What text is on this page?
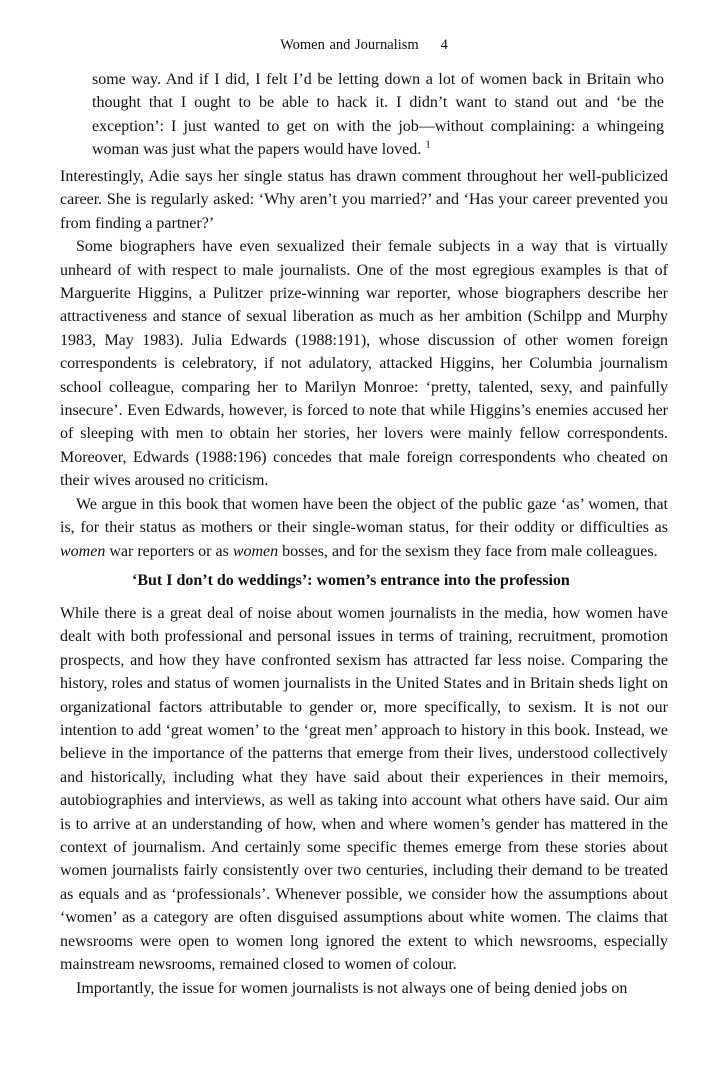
Women and Journalism 4
some way. And if I did, I felt I’d be letting down a lot of women back in Britain who thought that I ought to be able to hack it. I didn’t want to stand out and ‘be the exception’: I just wanted to get on with the job—without complaining: a whingeing woman was just what the papers would have loved. $^1$

Interestingly, Adie says her single status has drawn comment throughout her well-publicized career. She is regularly asked: ‘Why aren’t you married?’ and ‘Has your career prevented you from finding a partner?’

Some biographers have even sexualized their female subjects in a way that is virtually unheard of with respect to male journalists. One of the most egregious examples is that of Marguerite Higgins, a Pulitzer prize-winning war reporter, whose biographers describe her attractiveness and stance of sexual liberation as much as her ambition (Schilpp and Murphy 1983, May 1983). Julia Edwards (1988:191), whose discussion of other women foreign correspondents is celebratory, if not adulatory, attacked Higgins, her Columbia journalism school colleague, comparing her to Marilyn Monroe: ‘pretty, talented, sexy, and painfully insecure’. Even Edwards, however, is forced to note that while Higgins’s enemies accused her of sleeping with men to obtain her stories, her lovers were mainly fellow correspondents. Moreover, Edwards (1988:196) concedes that male foreign correspondents who cheated on their wives aroused no criticism.

We argue in this book that women have been the object of the public gaze ‘as’ women, that is, for their status as mothers or their single-woman status, for their oddity or difficulties as women war reporters or as women bosses, and for the sexism they face from male colleagues.

‘But I don’t do weddings’: women’s entrance into the profession

While there is a great deal of noise about women journalists in the media, how women have dealt with both professional and personal issues in terms of training, recruitment, promotion prospects, and how they have confronted sexism has attracted far less noise. Comparing the history, roles and status of women journalists in the United States and in Britain sheds light on organizational factors attributable to gender or, more specifically, to sexism. It is not our intention to add ‘great women’ to the ‘great men’ approach to history in this book. Instead, we believe in the importance of the patterns that emerge from their lives, understood collectively and historically, including what they have said about their experiences in their memoirs, autobiographies and interviews, as well as taking into account what others have said. Our aim is to arrive at an understanding of how, when and where women’s gender has mattered in the context of journalism. And certainly some specific themes emerge from these stories about women journalists fairly consistently over two centuries, including their demand to be treated as equals and as ‘professionals’. Whenever possible, we consider how the assumptions about ‘women’ as a category are often disguised assumptions about white women. The claims that newsrooms were open to women long ignored the extent to which newsrooms, especially mainstream newsrooms, remained closed to women of colour.

Importantly, the issue for women journalists is not always one of being denied jobs on
